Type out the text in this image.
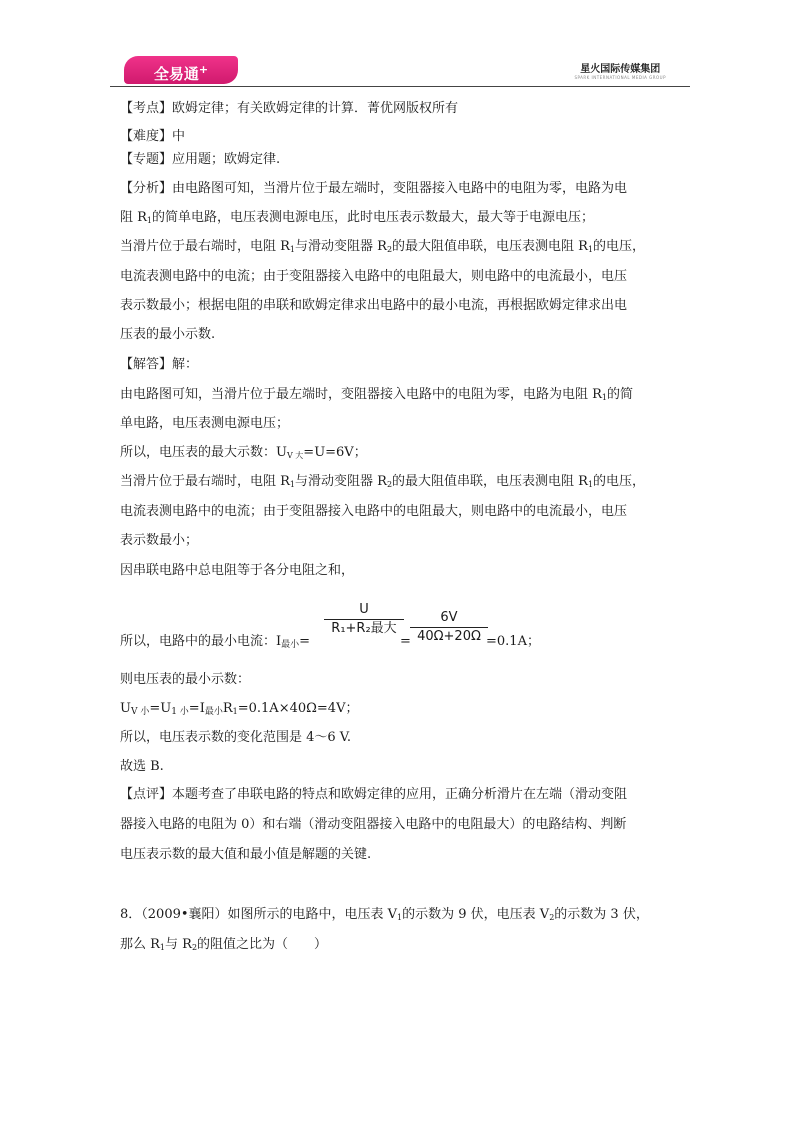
全易通+	星火国际传媒集团
SPARK INTERNATIONAL MEDIA GROUP
【考点】欧姆定律；有关欧姆定律的计算．菁优网版权所有
【难度】中
【专题】应用题；欧姆定律.
【分析】由电路图可知，当滑片位于最左端时，变阻器接入电路中的电阻为零，电路为电
阻 $R_1$的简单电路，电压表测电源电压，此时电压表示数最大，最大等于电源电压；
当滑片位于最右端时，电阻 $R_1$与滑动变阻器 $R_2$的最大阻值串联，电压表测电阻 $R_1$的电压，
电流表测电路中的电流；由于变阻器接入电路中的电阻最大，则电路中的电流最小，电压
表示数最小；根据电阻的串联和欧姆定律求出电路中的最小电流，再根据欧姆定律求出电
压表的最小示数.
【解答】解：
由电路图可知，当滑片位于最左端时，变阻器接入电路中的电阻为零，电路为电阻 $R_1$的简
单电路，电压表测电源电压；
所以，电压表的最大示数：$U_{V 大}=U=6V$；
当滑片位于最右端时，电阻 $R_1$与滑动变阻器 $R_2$的最大阻值串联，电压表测电阻 $R_1$的电压，
电流表测电路中的电流；由于变阻器接入电路中的电阻最大，则电路中的电流最小，电压
表示数最小；
因串联电路中总电阻等于各分电阻之和，
所以，电路中的最小电流：$I_{最小}=$
U
R₁+R₂最大
=
6V
40Ω+20Ω =0.1A；
则电压表的最小示数：
$U_{V 小}=U_{1 小}=I_{最小}R_1=0.1A\times 40\Omega=4V$；
所以，电压表示数的变化范围是 4～6 V.
故选 B.
【点评】本题考查了串联电路的特点和欧姆定律的应用，正确分析滑片在左端（滑动变阻
器接入电路的电阻为 0）和右端（滑动变阻器接入电路中的电阻最大）的电路结构、判断
电压表示数的最大值和最小值是解题的关键.
8．（2009•襄阳）如图所示的电路中，电压表 $V_1$的示数为 9 伏，电压表 $V_2$的示数为 3 伏，
那么 $R_1$与 $R_2$的阻值之比为（　　）
